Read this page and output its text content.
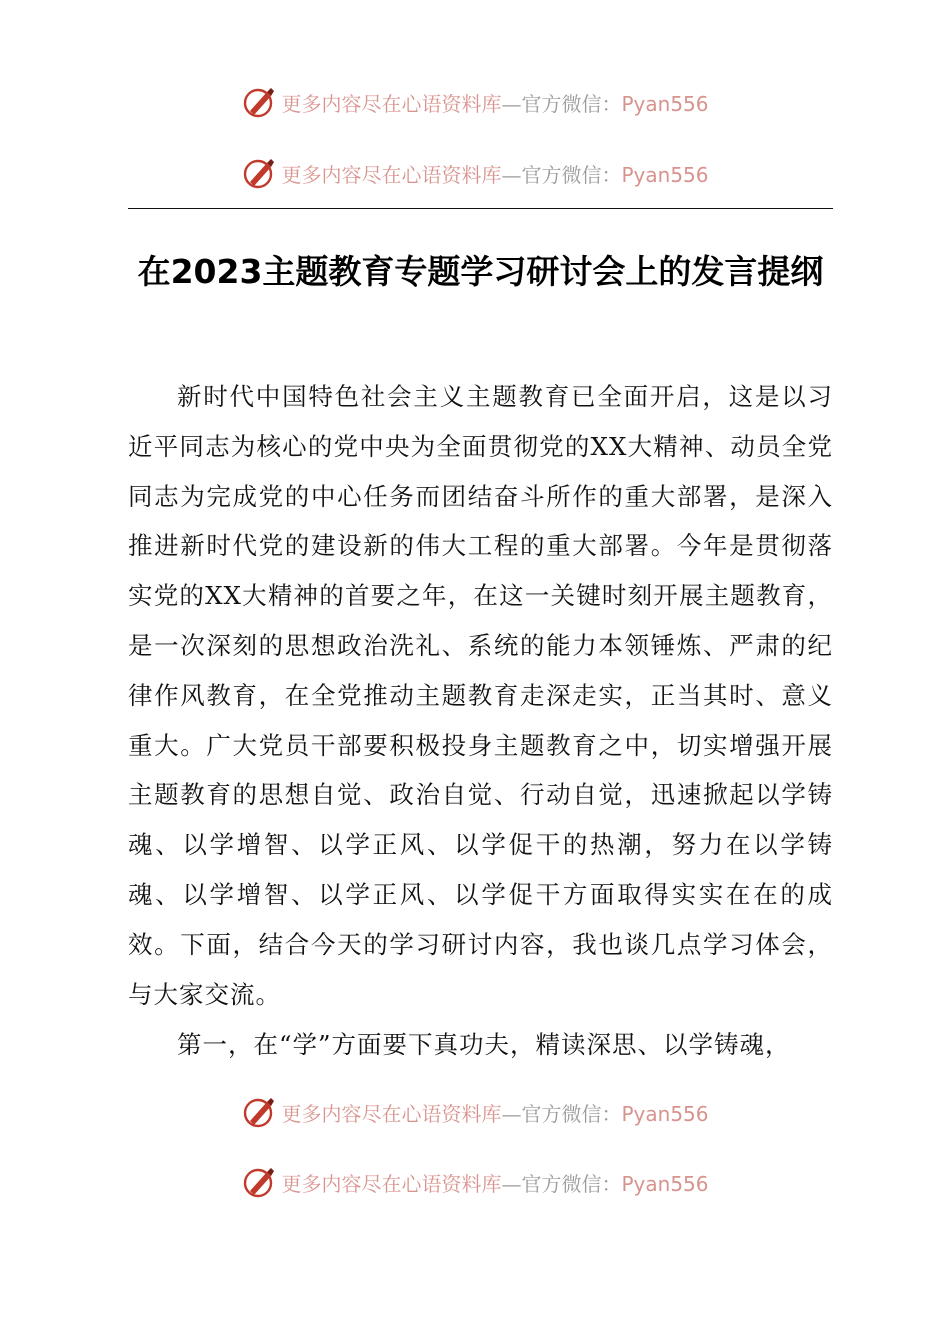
更多内容尽在心语资料库—官方微信：Pyan556
更多内容尽在心语资料库—官方微信：Pyan556
在2023主题教育专题学习研讨会上的发言提纲

新时代中国特色社会主义主题教育已全面开启，这是以习近平同志为核心的党中央为全面贯彻党的XX大精神、动员全党同志为完成党的中心任务而团结奋斗所作的重大部署，是深入推进新时代党的建设新的伟大工程的重大部署。今年是贯彻落实党的XX大精神的首要之年，在这一关键时刻开展主题教育，是一次深刻的思想政治洗礼、系统的能力本领锤炼、严肃的纪律作风教育，在全党推动主题教育走深走实，正当其时、意义重大。广大党员干部要积极投身主题教育之中，切实增强开展主题教育的思想自觉、政治自觉、行动自觉，迅速掀起以学铸魂、以学增智、以学正风、以学促干的热潮，努力在以学铸魂、以学增智、以学正风、以学促干方面取得实实在在的成效。下面，结合今天的学习研讨内容，我也谈几点学习体会，与大家交流。

第一，在“学”方面要下真功夫，精读深思、以学铸魂，

更多内容尽在心语资料库—官方微信：Pyan556
更多内容尽在心语资料库—官方微信：Pyan556
